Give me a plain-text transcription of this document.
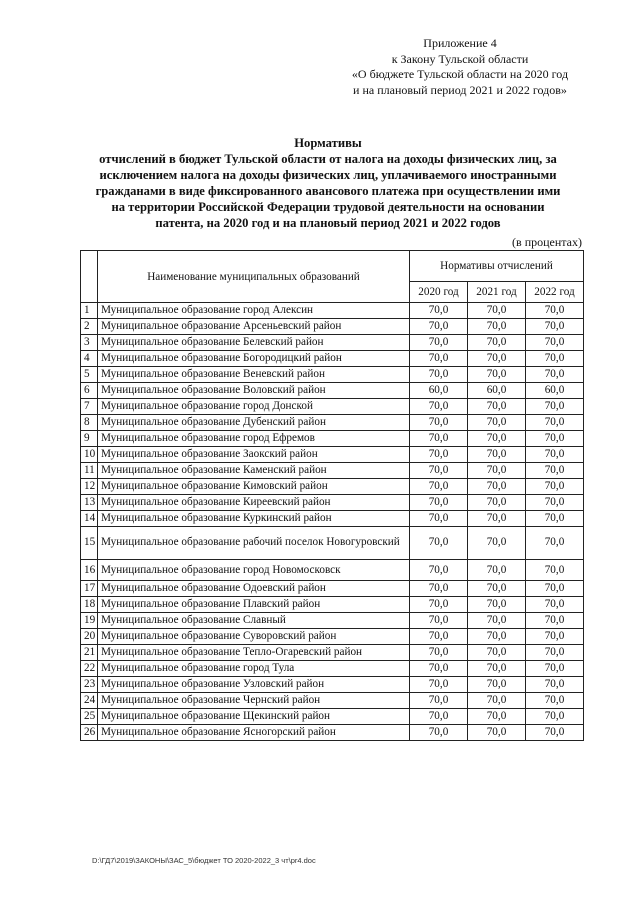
Приложение 4
к Закону Тульской области
«О бюджете Тульской области на 2020 год
и на плановый период 2021 и 2022 годов»
Нормативы
отчислений в бюджет Тульской области от налога на доходы физических лиц, за
исключением налога на доходы физических лиц, уплачиваемого иностранными
гражданами в виде фиксированного авансового платежа при осуществлении ими
на территории Российской Федерации трудовой деятельности на основании
патента, на 2020 год и на плановый период 2021 и 2022 годов
(в процентах)
	Наименование муниципальных образований	Нормативы отчислений		
		2020 год	2021 год	2022 год
1	Муниципальное образование город Алексин	70,0	70,0	70,0
2	Муниципальное образование Арсеньевский район	70,0	70,0	70,0
3	Муниципальное образование Белевский район	70,0	70,0	70,0
4	Муниципальное образование Богородицкий район	70,0	70,0	70,0
5	Муниципальное образование Веневский район	70,0	70,0	70,0
6	Муниципальное образование Воловский район	60,0	60,0	60,0
7	Муниципальное образование город Донской	70,0	70,0	70,0
8	Муниципальное образование Дубенский район	70,0	70,0	70,0
9	Муниципальное образование город Ефремов	70,0	70,0	70,0
10	Муниципальное образование Заокский район	70,0	70,0	70,0
11	Муниципальное образование Каменский район	70,0	70,0	70,0
12	Муниципальное образование Кимовский район	70,0	70,0	70,0
13	Муниципальное образование Киреевский район	70,0	70,0	70,0
14	Муниципальное образование Куркинский район	70,0	70,0	70,0
15	Муниципальное образование рабочий поселок Новогуровский	70,0	70,0	70,0
16	Муниципальное образование город Новомосковск	70,0	70,0	70,0
17	Муниципальное образование Одоевский район	70,0	70,0	70,0
18	Муниципальное образование Плавский район	70,0	70,0	70,0
19	Муниципальное образование Славный	70,0	70,0	70,0
20	Муниципальное образование Суворовский район	70,0	70,0	70,0
21	Муниципальное образование Тепло-Огаревский район	70,0	70,0	70,0
22	Муниципальное образование город Тула	70,0	70,0	70,0
23	Муниципальное образование Узловский район	70,0	70,0	70,0
24	Муниципальное образование Чернский район	70,0	70,0	70,0
25	Муниципальное образование Щекинский район	70,0	70,0	70,0
26	Муниципальное образование Ясногорский район	70,0	70,0	70,0
D:\ГД7\2019\ЗАКОНЫ\ЗАС_5\бюджет ТО 2020-2022_3 чт\pr4.doc
